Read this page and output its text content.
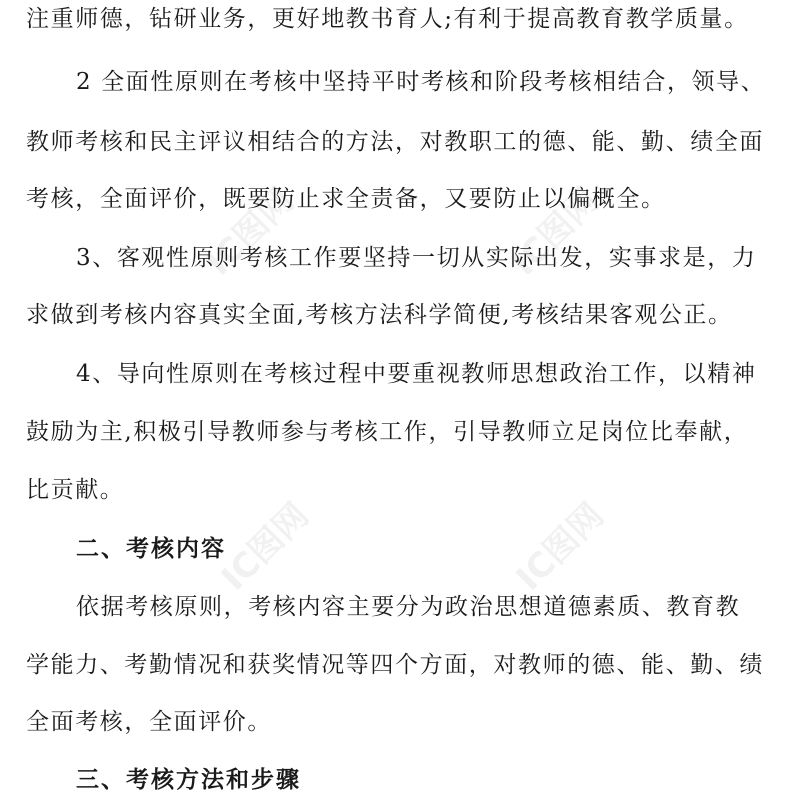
IC图网	IC图网
IC图网	IC图网
注重师德，钻研业务，更好地教书育人;有利于提高教育教学质量。
2 全面性原则在考核中坚持平时考核和阶段考核相结合，领导、
教师考核和民主评议相结合的方法，对教职工的德、能、勤、绩全面
考核，全面评价，既要防止求全责备，又要防止以偏概全。
3、客观性原则考核工作要坚持一切从实际出发，实事求是，力
求做到考核内容真实全面,考核方法科学简便,考核结果客观公正。
4、导向性原则在考核过程中要重视教师思想政治工作，以精神
鼓励为主,积极引导教师参与考核工作，引导教师立足岗位比奉献，
比贡献。
二、考核内容
依据考核原则，考核内容主要分为政治思想道德素质、教育教
学能力、考勤情况和获奖情况等四个方面，对教师的德、能、勤、绩
全面考核，全面评价。
三、考核方法和步骤
